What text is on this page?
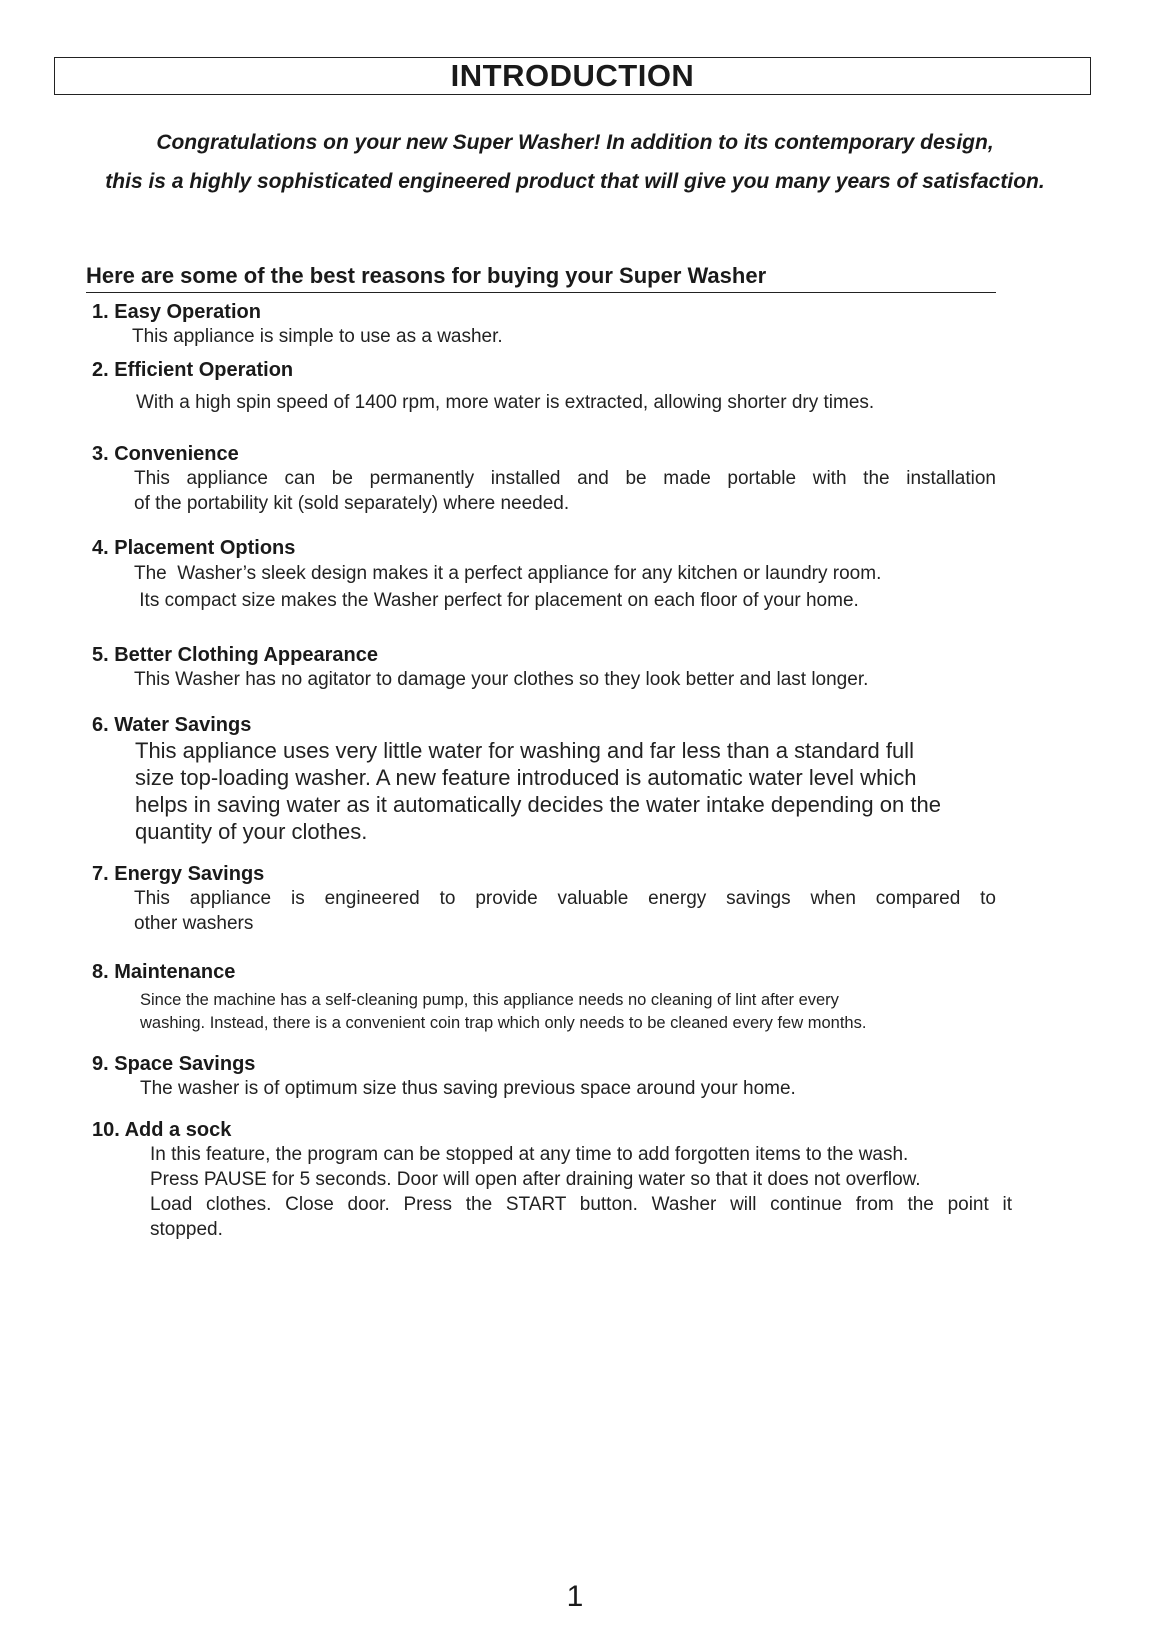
INTRODUCTION
Congratulations on your new Super Washer! In addition to its contemporary design,
this is a highly sophisticated engineered product that will give you many years of satisfaction.
Here are some of the best reasons for buying your Super Washer
1. Easy Operation
This appliance is simple to use as a washer.
2. Efficient Operation
With a high spin speed of 1400 rpm, more water is extracted, allowing shorter dry times.
3. Convenience
This appliance can be permanently installed and be made portable with the installation
of the portability kit (sold separately) where needed.
4. Placement Options
The  Washer’s sleek design makes it a perfect appliance for any kitchen or laundry room.
Its compact size makes the Washer perfect for placement on each floor of your home.
5. Better Clothing Appearance
This Washer has no agitator to damage your clothes so they look better and last longer.
6. Water Savings
This appliance uses very little water for washing and far less than a standard full
size top-loading washer. A new feature introduced is automatic water level which
helps in saving water as it automatically decides the water intake depending on the
quantity of your clothes.
7. Energy Savings
This appliance is engineered to provide valuable energy savings when compared to
other washers
8. Maintenance
Since the machine has a self-cleaning pump, this appliance needs no cleaning of lint after every
washing. Instead, there is a convenient coin trap which only needs to be cleaned every few months.
9. Space Savings
The washer is of optimum size thus saving previous space around your home.
10. Add a sock
In this feature, the program can be stopped at any time to add forgotten items to the wash.
Press PAUSE for 5 seconds. Door will open after draining water so that it does not overflow.
Load clothes. Close door. Press the START button. Washer will continue from the point it
stopped.
1
